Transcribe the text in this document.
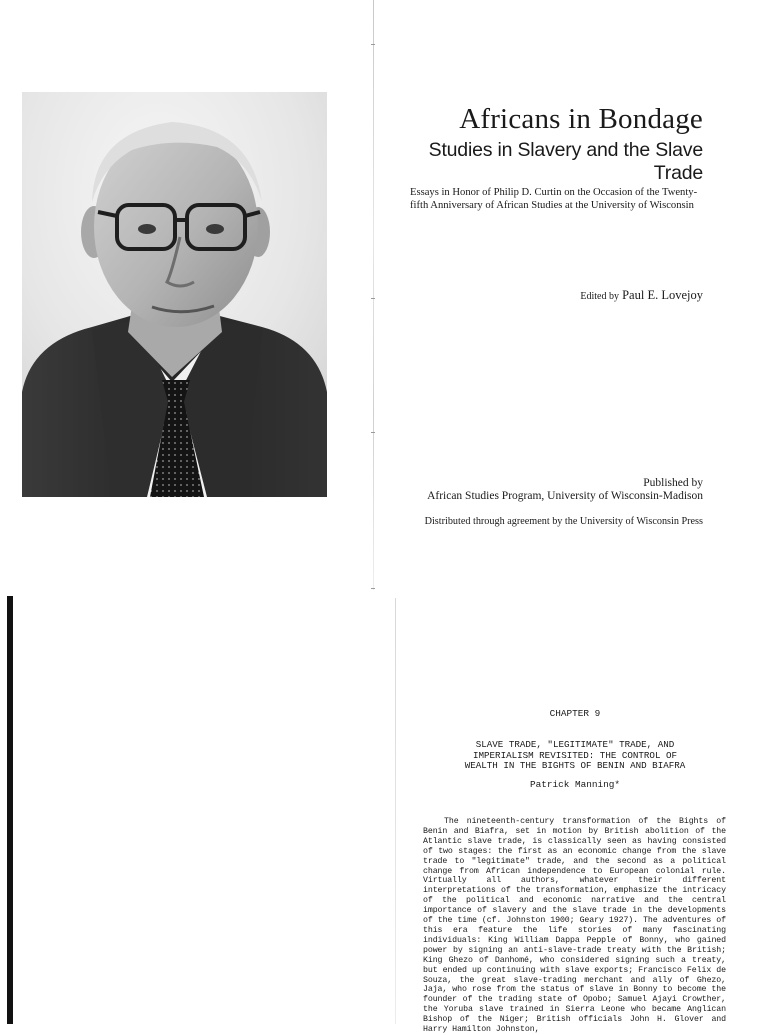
Africans in Bondage
Studies in Slavery and the Slave Trade
Essays in Honor of Philip D. Curtin on the Occasion of the Twenty-fifth Anniversary of African Studies at the University of Wisconsin
Edited by Paul E. Lovejoy
Published by
African Studies Program, University of Wisconsin-Madison
Distributed through agreement by the University of Wisconsin Press
CHAPTER 9
SLAVE TRADE, "LEGITIMATE" TRADE, AND
IMPERIALISM REVISITED: THE CONTROL OF
WEALTH IN THE BIGHTS OF BENIN AND BIAFRA
Patrick Manning*

The nineteenth-century transformation of the Bights of Benin and Biafra, set in motion by British abolition of the Atlantic slave trade, is classically seen as having consisted of two stages: the first as an economic change from the slave trade to "legitimate" trade, and the second as a political change from African independence to European colonial rule. Virtually all authors, whatever their different interpretations of the transformation, emphasize the intricacy of the political and economic narrative and the central importance of slavery and the slave trade in the developments of the time (cf. Johnston 1900; Geary 1927). The adventures of this era feature the life stories of many fascinating individuals: King William Dappa Pepple of Bonny, who gained power by signing an anti-slave-trade treaty with the British; King Ghezo of Danhomé, who considered signing such a treaty, but ended up continuing with slave exports; Francisco Felix de Souza, the great slave-trading merchant and ally of Ghezo, Jaja, who rose from the status of slave in Bonny to become the founder of the trading state of Opobo; Samuel Ajayi Crowther, the Yoruba slave trained in Sierra Leone who became Anglican Bishop of the Niger; British officials John H. Glover and Harry Hamilton Johnston,
